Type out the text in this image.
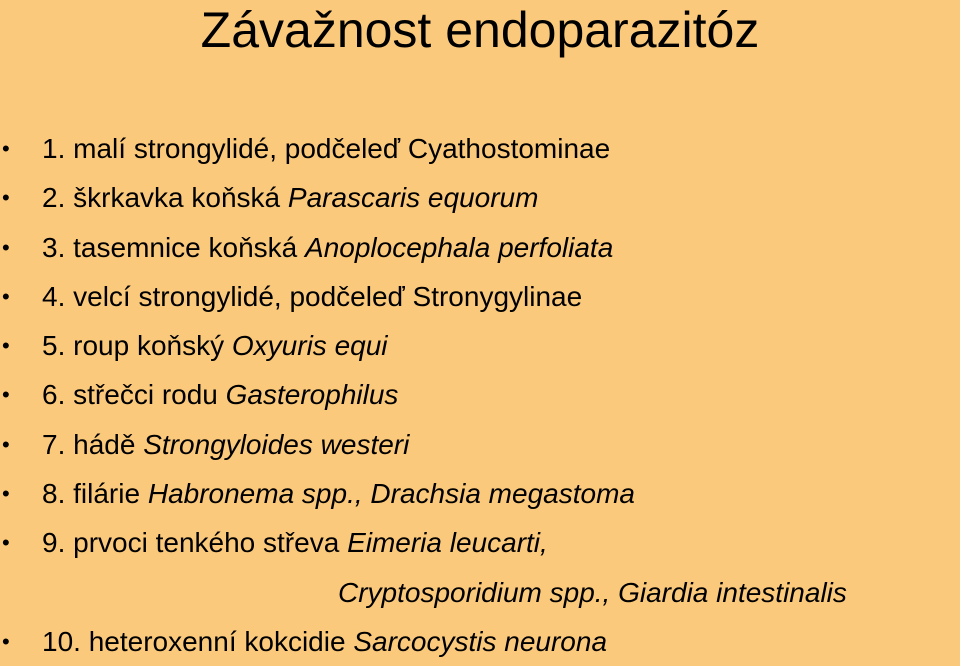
Závažnost endoparazitóz
• 1. malí strongylidé, podčeleď Cyathostominae
• 2. škrkavka koňská Parascaris equorum
• 3. tasemnice koňská Anoplocephala perfoliata
• 4. velcí strongylidé, podčeleď Stronygylinae
• 5. roup koňský Oxyuris equi
• 6. střečci rodu Gasterophilus
• 7. hádě Strongyloides westeri
• 8. filárie Habronema spp., Drachsia megastoma
• 9. prvoci tenkého střeva Eimeria leucarti,
Cryptosporidium spp., Giardia intestinalis
• 10. heteroxenní kokcidie Sarcocystis neurona
